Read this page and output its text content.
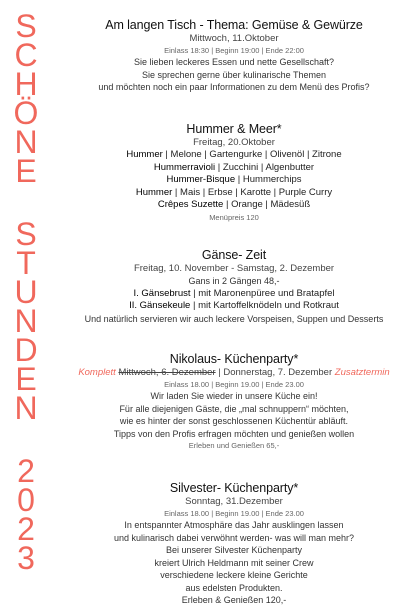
S
C
H
Ö
N
E
S
T
U
N
D
E
N
2
0
2
3
Am langen Tisch - Thema: Gemüse & Gewürze
Mittwoch, 11.Oktober
Einlass 18:30 | Beginn 19:00 | Ende 22:00
Sie lieben leckeres Essen und nette Gesellschaft?
Sie sprechen gerne über kulinarische Themen
und möchten noch ein paar Informationen zu dem Menü des Profis?
Hummer & Meer*
Freitag, 20.Oktober
Hummer | Melone | Gartengurke | Olivenöl | Zitrone
Hummerravioli | Zucchini | Algenbutter
Hummer-Bisque | Hummerchips
Hummer | Mais | Erbse | Karotte | Purple Curry
Crêpes Suzette | Orange | Mädesüß
Menüpreis 120
Gänse- Zeit
Freitag, 10. November - Samstag, 2. Dezember
Gans in 2 Gängen 48,-
I. Gänsebrust | mit Maronenpüree und Bratapfel
II. Gänsekeule | mit Kartoffelknödeln und Rotkraut
Und natürlich servieren wir auch leckere Vorspeisen, Suppen und Desserts
Nikolaus- Küchenparty*
Komplett Mittwoch, 6. Dezember | Donnerstag, 7. Dezember Zusatztermin
Einlass 18.00 | Beginn 19.00 | Ende 23.00
Wir laden Sie wieder in unsere Küche ein!
Für alle diejenigen Gäste, die „mal schnuppern“ möchten,
wie es hinter der sonst geschlossenen Küchentür abläuft.
Tipps von den Profis erfragen möchten und genießen wollen
Erleben und Genießen 65,-
Silvester- Küchenparty*
Sonntag, 31.Dezember
Einlass 18.00 | Beginn 19.00 | Ende 23.00
In entspannter Atmosphäre das Jahr ausklingen lassen
und kulinarisch dabei verwöhnt werden- was will man mehr?
Bei unserer Silvester Küchenparty
kreiert Ulrich Heldmann mit seiner Crew
verschiedene leckere kleine Gerichte
aus edelsten Produkten.
Erleben & Genießen 120,-
